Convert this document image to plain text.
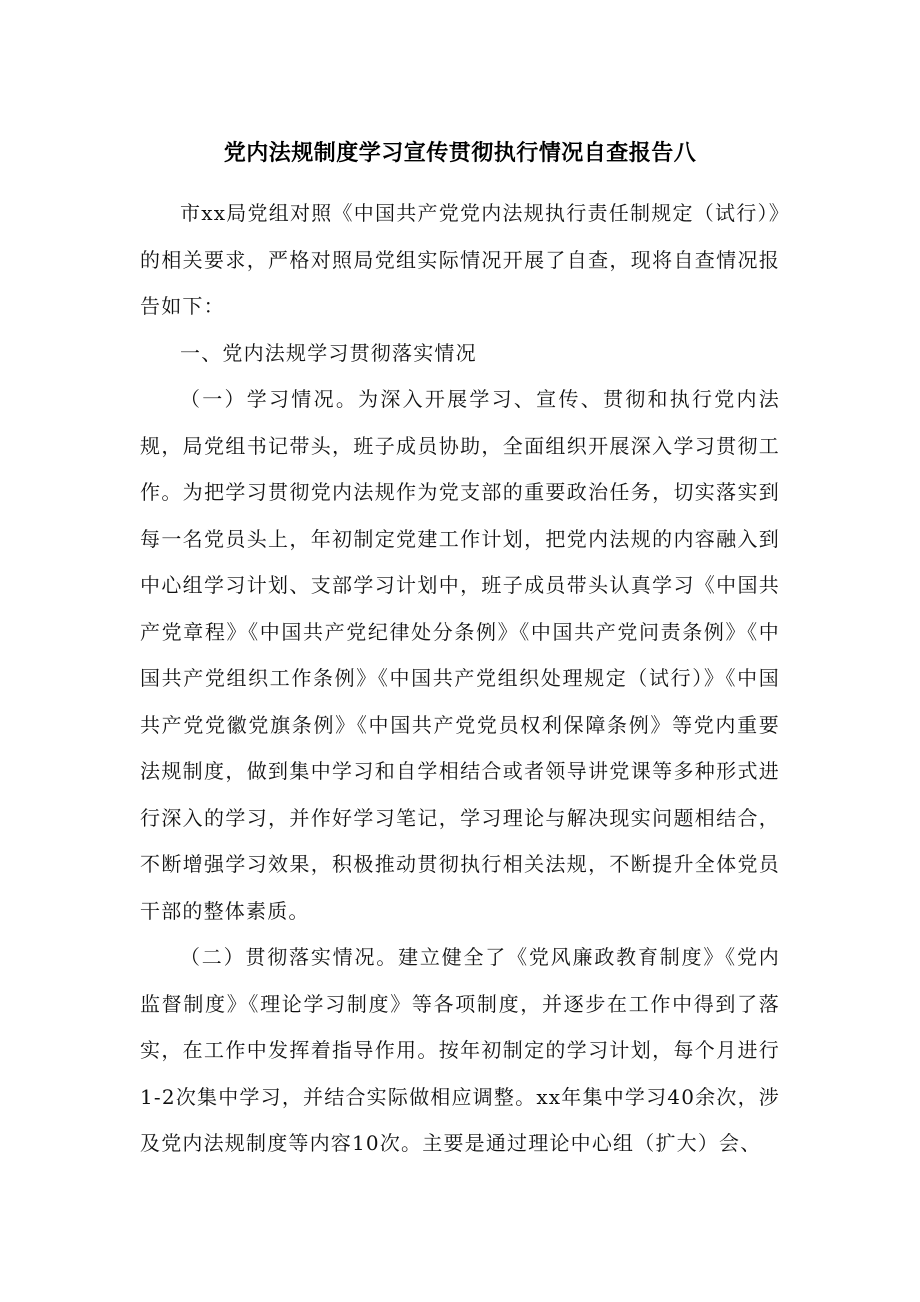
党内法规制度学习宣传贯彻执行情况自查报告八

市xx局党组对照《中国共产党党内法规执行责任制规定（试行）》的相关要求，严格对照局党组实际情况开展了自查，现将自查情况报告如下：

一、党内法规学习贯彻落实情况

（一）学习情况。为深入开展学习、宣传、贯彻和执行党内法规，局党组书记带头，班子成员协助，全面组织开展深入学习贯彻工作。为把学习贯彻党内法规作为党支部的重要政治任务，切实落实到每一名党员头上，年初制定党建工作计划，把党内法规的内容融入到中心组学习计划、支部学习计划中，班子成员带头认真学习《中国共产党章程》《中国共产党纪律处分条例》《中国共产党问责条例》《中国共产党组织工作条例》《中国共产党组织处理规定（试行）》《中国共产党党徽党旗条例》《中国共产党党员权利保障条例》等党内重要法规制度，做到集中学习和自学相结合或者领导讲党课等多种形式进行深入的学习，并作好学习笔记，学习理论与解决现实问题相结合，不断增强学习效果，积极推动贯彻执行相关法规，不断提升全体党员干部的整体素质。

（二）贯彻落实情况。建立健全了《党风廉政教育制度》《党内监督制度》《理论学习制度》等各项制度，并逐步在工作中得到了落实，在工作中发挥着指导作用。按年初制定的学习计划，每个月进行1-2次集中学习，并结合实际做相应调整。xx年集中学习40余次，涉及党内法规制度等内容10次。主要是通过理论中心组（扩大）会、
